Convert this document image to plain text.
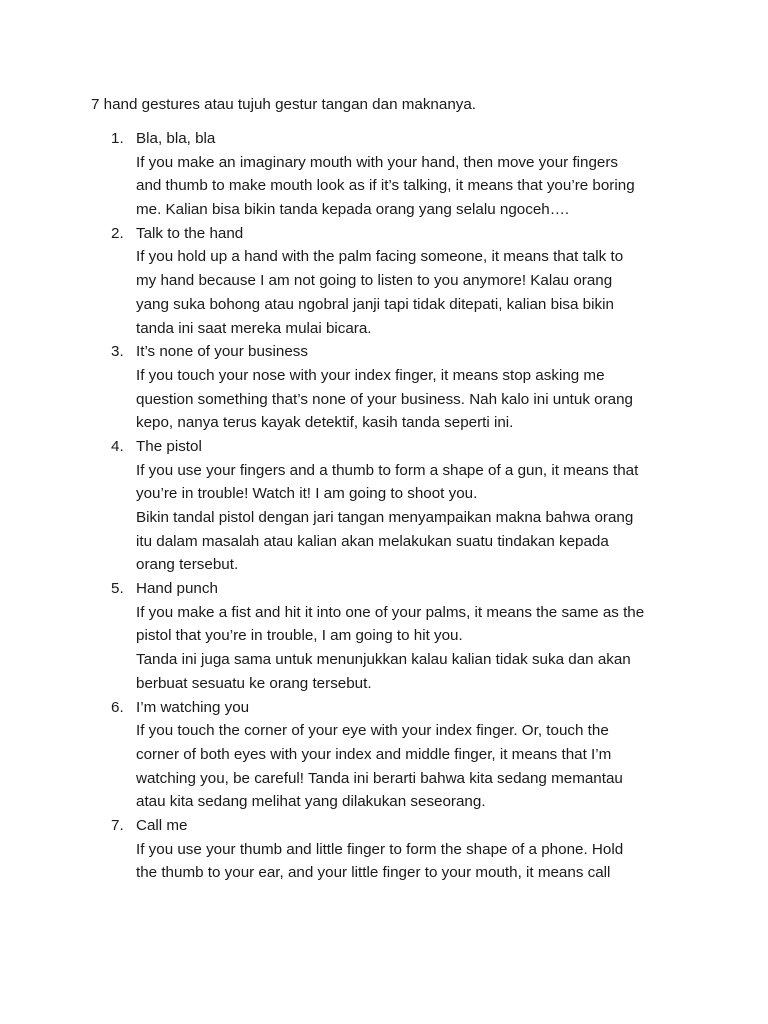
7 hand gestures atau tujuh gestur tangan dan maknanya.
1. Bla, bla, bla
If you make an imaginary mouth with your hand, then move your fingers
and thumb to make mouth look as if it’s talking, it means that you’re boring
me. Kalian bisa bikin tanda kepada orang yang selalu ngoceh….
2. Talk to the hand
If you hold up a hand with the palm facing someone, it means that talk to
my hand because I am not going to listen to you anymore! Kalau orang
yang suka bohong atau ngobral janji tapi tidak ditepati, kalian bisa bikin
tanda ini saat mereka mulai bicara.
3. It’s none of your business
If you touch your nose with your index finger, it means stop asking me
question something that’s none of your business. Nah kalo ini untuk orang
kepo, nanya terus kayak detektif, kasih tanda seperti ini.
4. The pistol
If you use your fingers and a thumb to form a shape of a gun, it means that
you’re in trouble! Watch it! I am going to shoot you.
Bikin tandal pistol dengan jari tangan menyampaikan makna bahwa orang
itu dalam masalah atau kalian akan melakukan suatu tindakan kepada
orang tersebut.
5. Hand punch
If you make a fist and hit it into one of your palms, it means the same as the
pistol that you’re in trouble, I am going to hit you.
Tanda ini juga sama untuk menunjukkan kalau kalian tidak suka dan akan
berbuat sesuatu ke orang tersebut.
6. I’m watching you
If you touch the corner of your eye with your index finger. Or, touch the
corner of both eyes with your index and middle finger, it means that I’m
watching you, be careful! Tanda ini berarti bahwa kita sedang memantau
atau kita sedang melihat yang dilakukan seseorang.
7. Call me
If you use your thumb and little finger to form the shape of a phone. Hold
the thumb to your ear, and your little finger to your mouth, it means call
